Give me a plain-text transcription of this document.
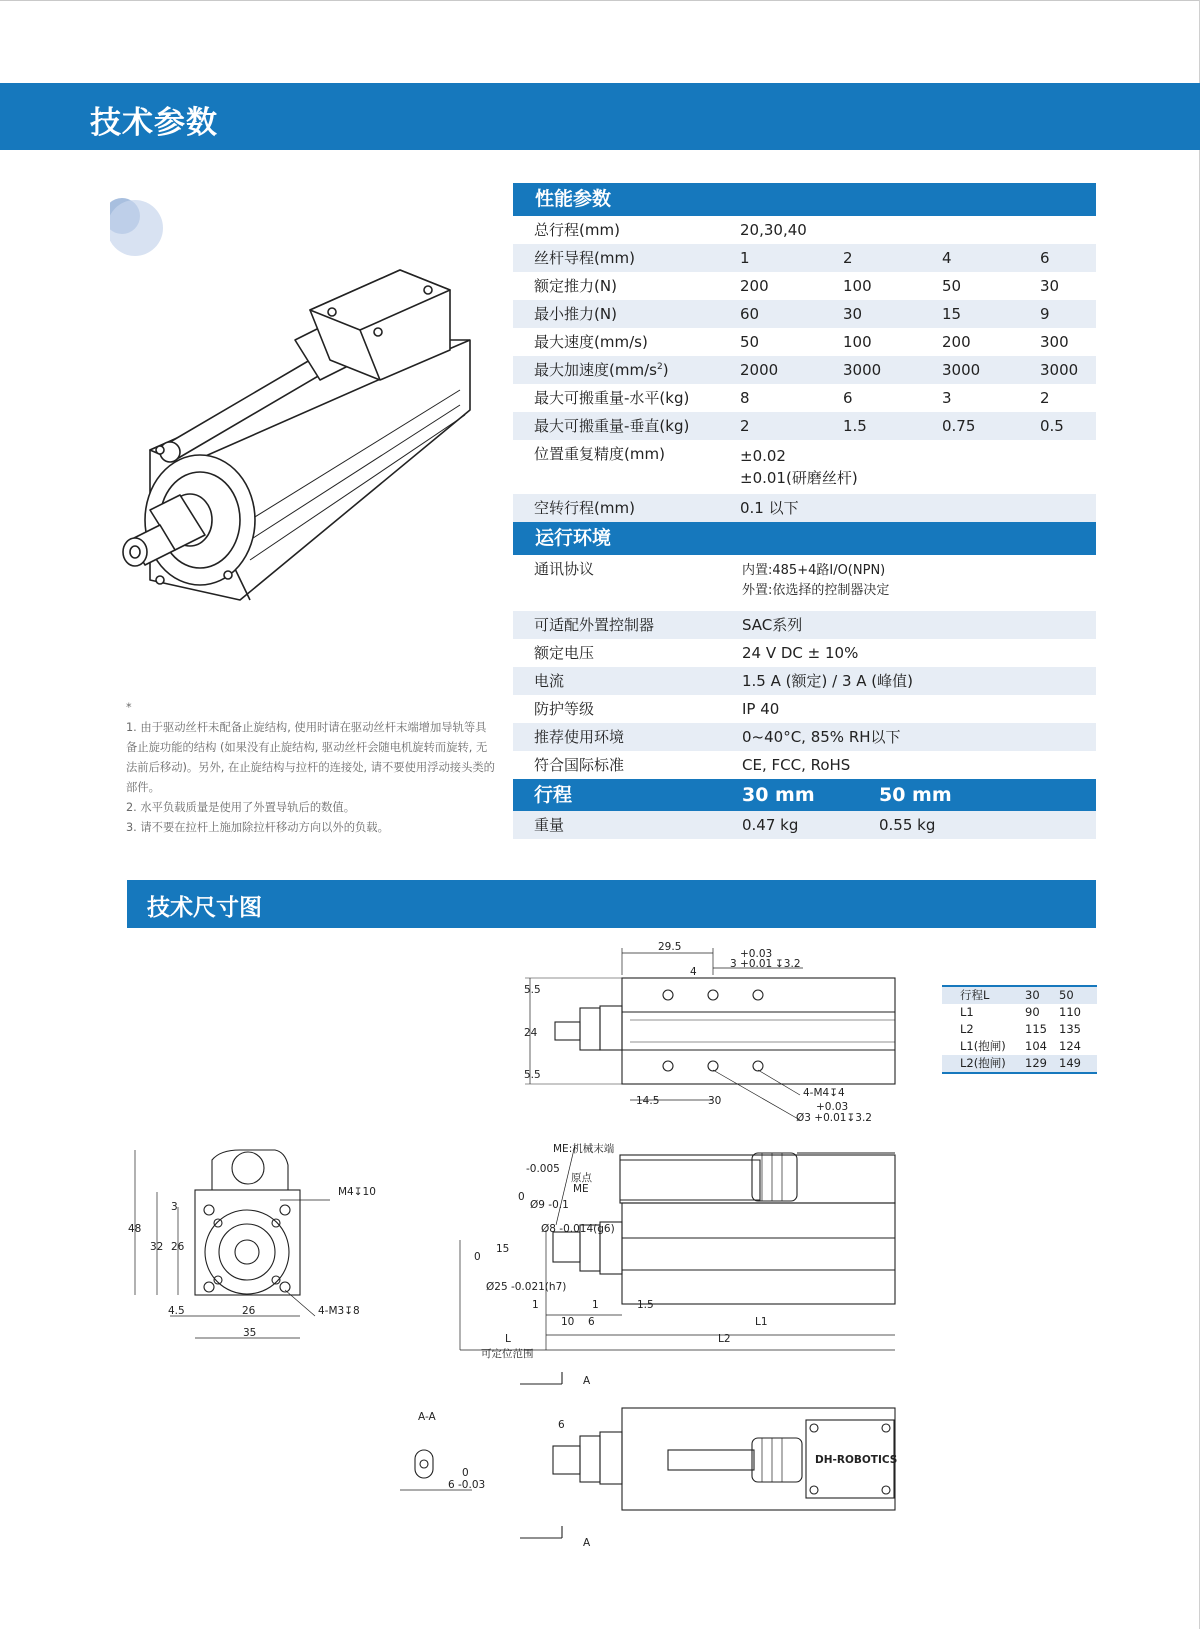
技术参数
性能参数
总行程(mm)	20,30,40
丝杆导程(mm)	1	2	4	6
额定推力(N)	200	100	50	30
最小推力(N)	60	30	15	9
最大速度(mm/s)	50	100	200	300
最大加速度$(mm/s^2)$	2000	3000	3000	3000
最大可搬重量-水平(kg)	8	6	3	2
最大可搬重量-垂直(kg)	2	1.5	0.75	0.5
位置重复精度(mm)	±0.02
±0.01(研磨丝杆)
空转行程(mm)	0.1 以下
运行环境
通讯协议	内置:485+4路I/O(NPN)
外置:依选择的控制器决定
可适配外置控制器	SAC系列
额定电压	24 V DC ± 10%
电流	1.5 A (额定) / 3 A (峰值)
防护等级	IP 40
推荐使用环境	0~40°C, 85% RH以下
符合国际标准	CE, FCC, RoHS
行程	30 mm	50 mm
重量	0.47 kg	0.55 kg

*

1. 由于驱动丝杆未配备止旋结构, 使用时请在驱动丝杆末端增加导轨等具备止旋功能的结构 (如果没有止旋结构, 驱动丝杆会随电机旋转而旋转, 无法前后移动)。另外, 在止旋结构与拉杆的连接处, 请不要使用浮动接头类的部件。

2. 水平负载质量是使用了外置导轨后的数值。

3. 请不要在拉杆上施加除拉杆移动方向以外的负载。

技术尺寸图
29.5
+0.03
3 +0.01 ↧3.2
4
5.5
24
5.5
14.5	30
4-M4↧4
+0.03
Ø3 +0.01↧3.2
ME:机械末端
原点
ME
0
Ø9 -0.1
-0.005
Ø8 -0.014(g6)
0
Ø25 -0.021(h7)
15
1	1	1.5
10 6	L1
L	L2
可定位范围
A
A
A-A
6
0
6 -0.03
DH-ROBOTICS
M4↧10
4-M3↧8
48
32 26
3
4.5	26
35
行程L	30 50
L1	90 110
L2	115 135
L1(抱闸) 104 124
L2(抱闸) 129 149
